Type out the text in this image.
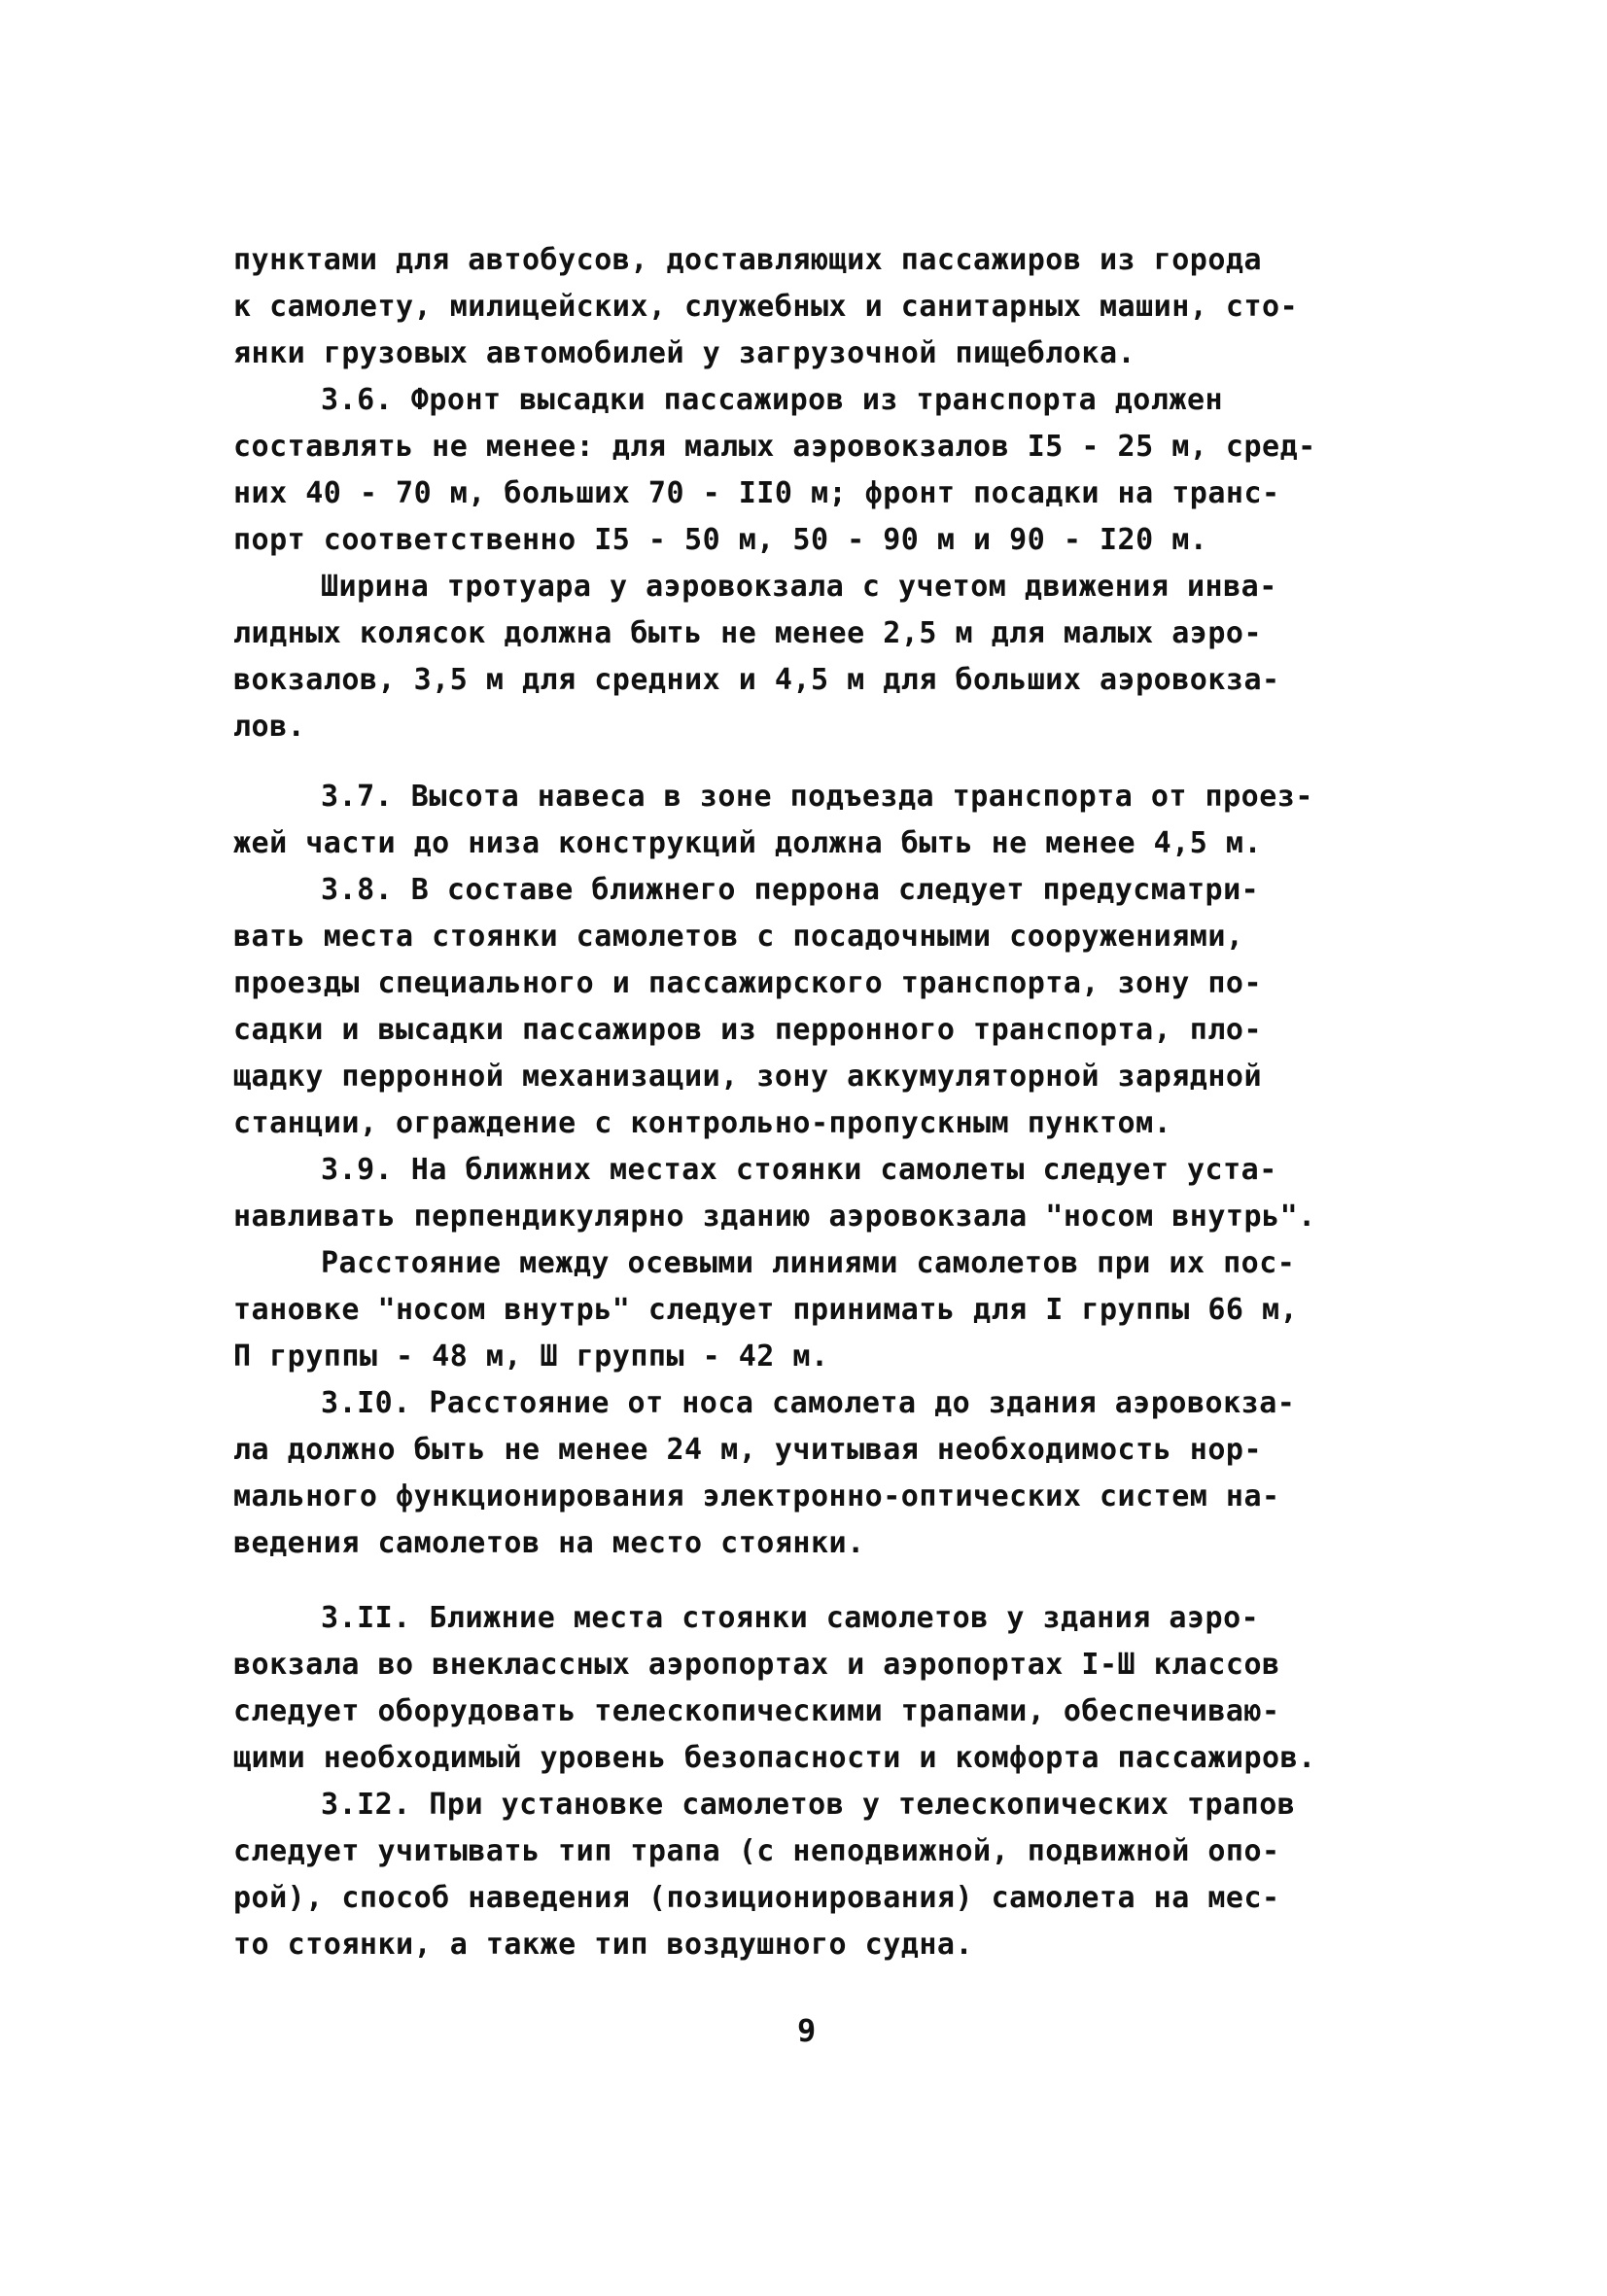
пунктами для автобусов, доставляющих пассажиров из города
к самолету, милицейских, служебных и санитарных машин, сто-
янки грузовых автомобилей у загрузочной пищеблока.
3.6. Фронт высадки пассажиров из транспорта должен
составлять не менее: для малых аэровокзалов I5 - 25 м, сред-
них 40 - 70 м, больших 70 - II0 м; фронт посадки на транс-
порт соответственно I5 - 50 м, 50 - 90 м и 90 - I20 м.
Ширина тротуара у аэровокзала с учетом движения инва-
лидных колясок должна быть не менее 2,5 м для малых аэро-
вокзалов, 3,5 м для средних и 4,5 м для больших аэровокза-
лов.
3.7. Высота навеса в зоне подъезда транспорта от проез-
жей части до низа конструкций должна быть не менее 4,5 м.
3.8. В составе ближнего перрона следует предусматри-
вать места стоянки самолетов с посадочными сооружениями,
проезды специального и пассажирского транспорта, зону по-
садки и высадки пассажиров из перронного транспорта, пло-
щадку перронной механизации, зону аккумуляторной зарядной
станции, ограждение с контрольно-пропускным пунктом.
3.9. На ближних местах стоянки самолеты следует уста-
навливать перпендикулярно зданию аэровокзала "носом внутрь".
Расстояние между осевыми линиями самолетов при их пос-
тановке "носом внутрь" следует принимать для I группы 66 м,
П группы - 48 м, Ш группы - 42 м.
3.I0. Расстояние от носа самолета до здания аэровокза-
ла должно быть не менее 24 м, учитывая необходимость нор-
мального функционирования электронно-оптических систем на-
ведения самолетов на место стоянки.
3.II. Ближние места стоянки самолетов у здания аэро-
вокзала во внеклассных аэропортах и аэропортах I-Ш классов
следует оборудовать телескопическими трапами, обеспечиваю-
щими необходимый уровень безопасности и комфорта пассажиров.
3.I2. При установке самолетов у телескопических трапов
следует учитывать тип трапа (с неподвижной, подвижной опо-
рой), способ наведения (позиционирования) самолета на мес-
то стоянки, а также тип воздушного судна.
9
